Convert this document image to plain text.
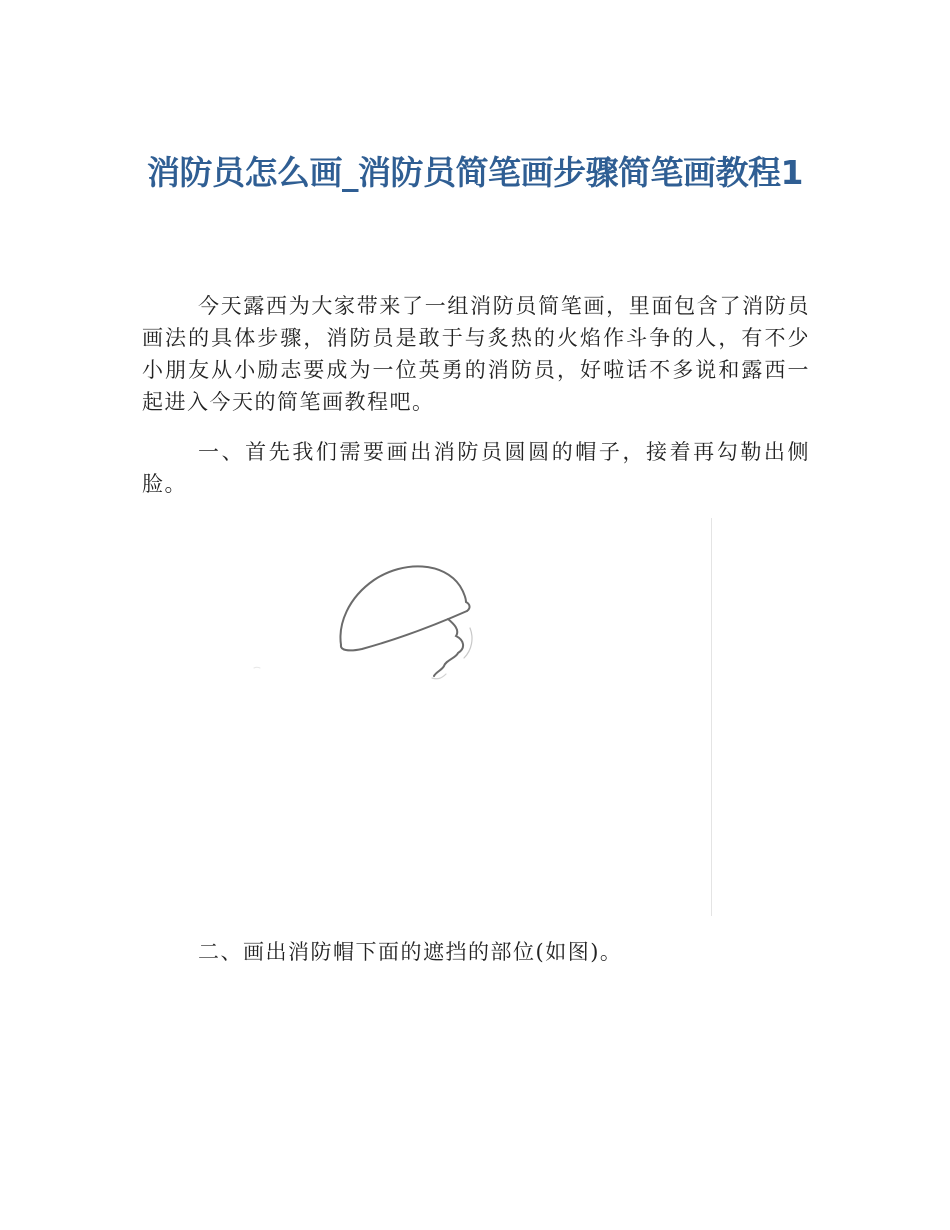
消防员怎么画_消防员简笔画步骤简笔画教程1

今天露西为大家带来了一组消防员简笔画，里面包含了消防员画法的具体步骤，消防员是敢于与炙热的火焰作斗争的人，有不少小朋友从小励志要成为一位英勇的消防员，好啦话不多说和露西一起进入今天的简笔画教程吧。

一、首先我们需要画出消防员圆圆的帽子，接着再勾勒出侧脸。

二、画出消防帽下面的遮挡的部位(如图)。
